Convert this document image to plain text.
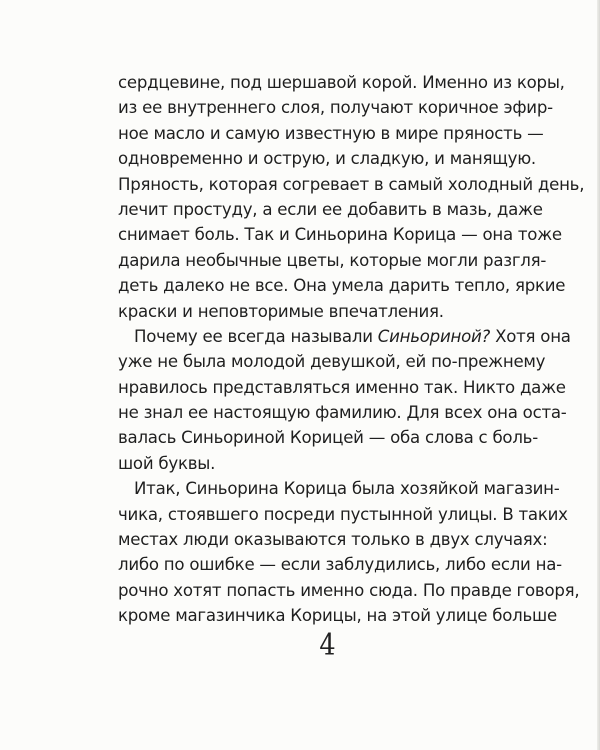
сердцевине, под шершавой корой. Именно из коры,
из ее внутреннего слоя, получают коричное эфир-
ное масло и самую известную в мире пряность —
одновременно и острую, и сладкую, и манящую.
Пряность, которая согревает в самый холодный день,
лечит простуду, а если ее добавить в мазь, даже
снимает боль. Так и Синьорина Корица — она тоже
дарила необычные цветы, которые могли разгля-
деть далеко не все. Она умела дарить тепло, яркие
краски и неповторимые впечатления.
Почему ее всегда называли Синьориной? Хотя она
уже не была молодой девушкой, ей по-прежнему
нравилось представляться именно так. Никто даже
не знал ее настоящую фамилию. Для всех она оста-
валась Синьориной Корицей — оба слова с боль-
шой буквы.
Итак, Синьорина Корица была хозяйкой магазин-
чика, стоявшего посреди пустынной улицы. В таких
местах люди оказываются только в двух случаях:
либо по ошибке — если заблудились, либо если на-
рочно хотят попасть именно сюда. По правде говоря,
кроме магазинчика Корицы, на этой улице больше
4
